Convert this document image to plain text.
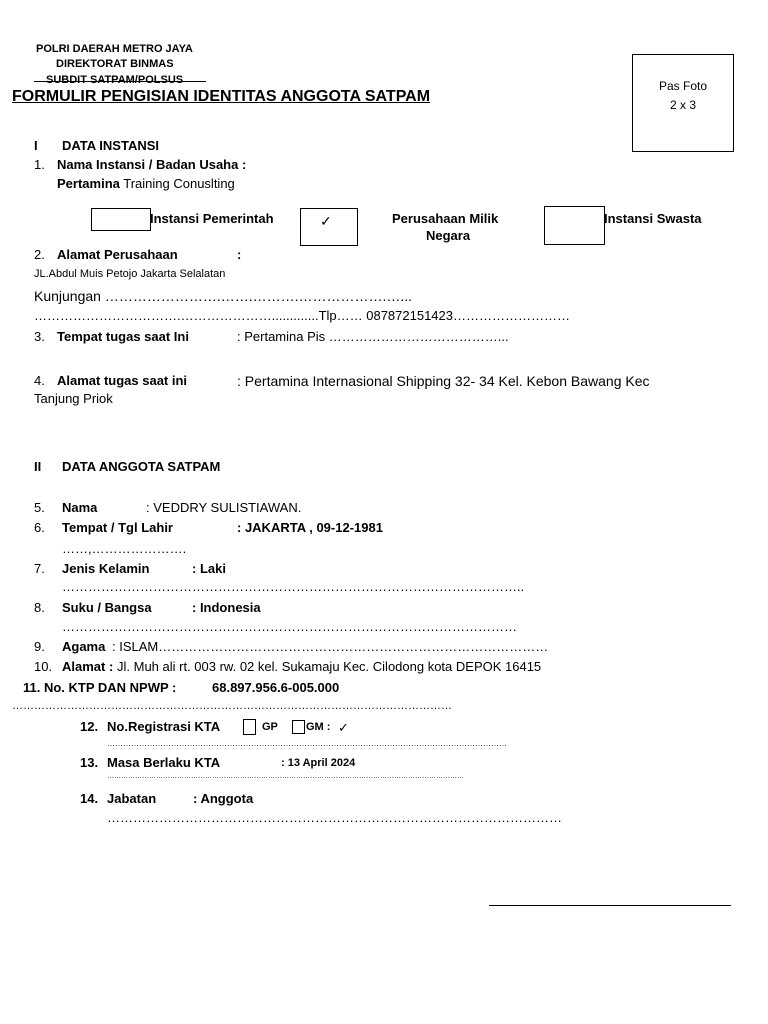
POLRI DAERAH METRO JAYA
DIREKTORAT BINMAS
SUBDIT SATPAM/POLSUS
FORMULIR PENGISIAN IDENTITAS ANGGOTA SATPAM
Pas Foto
2 x 3
I DATA INSTANSI
1. Nama Instansi / Badan Usaha :
Pertamina Training Conuslting
Instansi Pemerintah	✓	Perusahaan Milik
Negara
Instansi Swasta
2. Alamat Perusahaan	:
JL.Abdul Muis Petojo Jakarta Selalatan
Kunjungan …………………….…….……….……………….…...
…………………………….………………….............Tlp…… 087872151423………………………
3. Tempat tugas saat Ini	: Pertamina Pis …………………………………...
4. Alamat tugas saat ini	: Pertamina Internasional Shipping 32- 34 Kel. Kebon Bawang Kec
Tanjung Priok
II DATA ANGGOTA SATPAM
5. Nama	: VEDDRY SULISTIAWAN.
6. Tempat / Tgl Lahir	: JAKARTA , 09-12-1981
……,………………….
7. Jenis Kelamin	: Laki
……………………………………………………………………………………………..
8. Suku / Bangsa	: Indonesia
……………………………………………………………………………………………
9. Agama : ISLAM………………………………………………………………………………
10. Alamat : Jl. Muh ali rt. 003 rw. 02 kel. Sukamaju Kec. Cilodong kota DEPOK 16415
11. No. KTP DAN NPWP :	68.897.956.6-005.000
…………………………………………………………………………………………………………
12. No.Registrasi KTA	GP	GM : ✓
……………………………………………………………………………………………………………………………………
13. Masa Berlaku KTA	: 13 April 2024
………………………………………………………………………………………………………………………………………
14. Jabatan	: Anggota
……………………………………………………………………………………………
